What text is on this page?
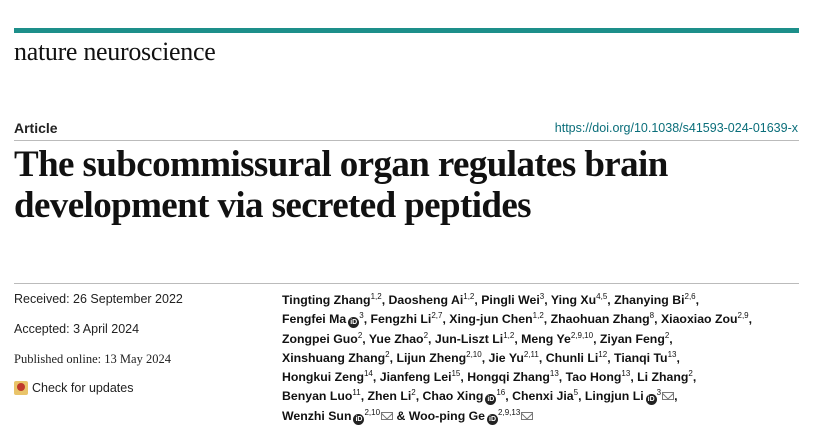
nature neuroscience
Article	https://doi.org/10.1038/s41593-024-01639-x
The subcommissural organ regulates brain
development via secreted peptides
Received: 26 September 2022
Accepted: 3 April 2024
Published online: 13 May 2024
Check for updates
Tingting Zhang$^{1,2}$, Daosheng Ai$^{1,2}$, Pingli Wei$^3$, Ying Xu$^{4,5}$, Zhanying Bi$^{2,6}$,
Fengfei Ma $iD^3$, Fengzhi Li$^{2,7}$, Xing-jun Chen$^{1,2}$, Zhaohuan Zhang$^8$, Xiaoxiao Zou$^{2,9}$,
Zongpei Guo$^2$, Yue Zhao$^2$, Jun-Liszt Li$^{1,2}$, Meng Ye$^{2,9,10}$, Ziyan Feng$^2$,
Xinshuang Zhang$^2$, Lijun Zheng$^{2,10}$, Jie Yu$^{2,11}$, Chunli Li$^{12}$, Tianqi Tu$^{13}$,
Hongkui Zeng$^{14}$, Jianfeng Lei$^{15}$, Hongqi Zhang$^{13}$, Tao Hong$^{13}$, Li Zhang$^2$,
Benyan Luo$^{11}$, Zhen Li$^2$, Chao Xing $iD^{16}$, Chenxi Jia$^5$, Lingjun Li $iD^3$ ,
Wenzhi Sun iD$^{2,10}$ & Woo-ping Ge iD$^{2,9,13}$
